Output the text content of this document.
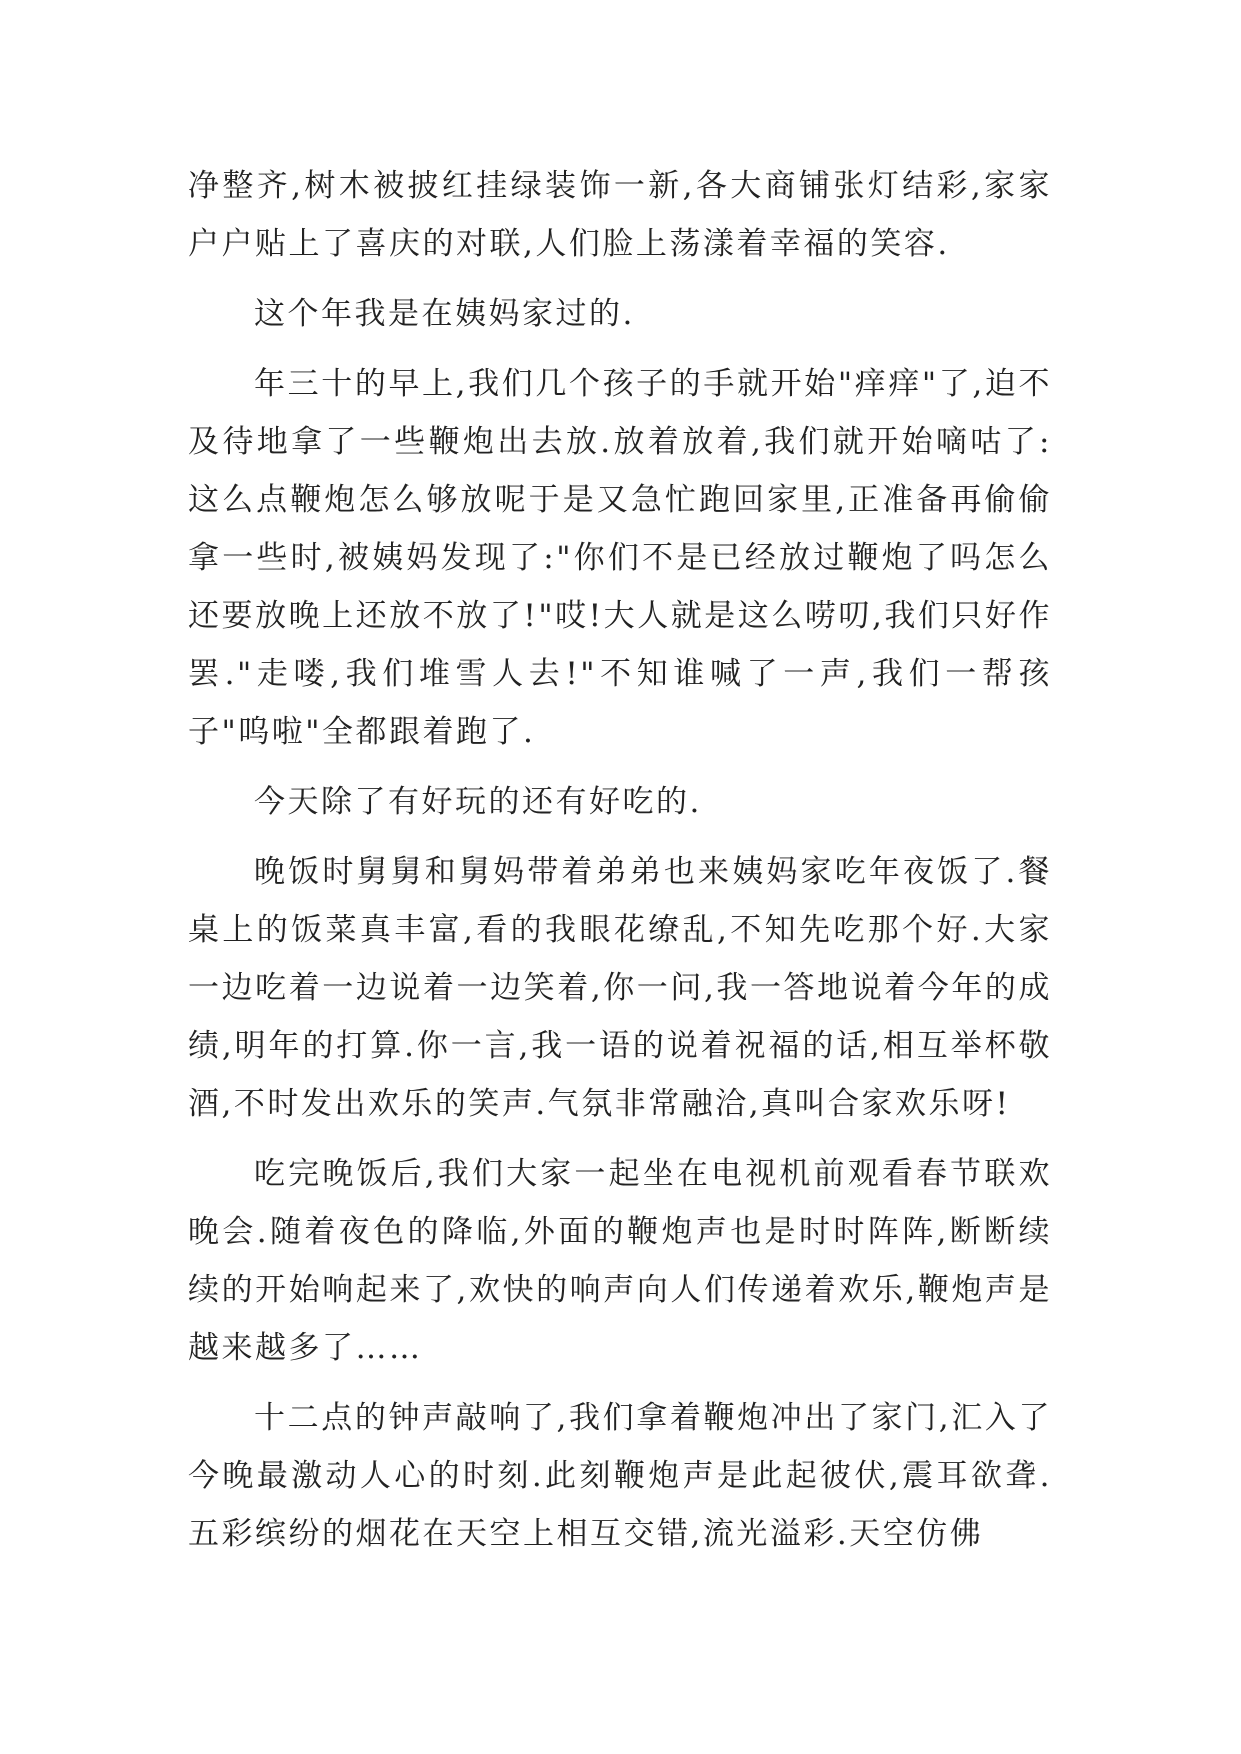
净整齐,树木被披红挂绿装饰一新,各大商铺张灯结彩,家家户户贴上了喜庆的对联,人们脸上荡漾着幸福的笑容.

这个年我是在姨妈家过的.

年三十的早上,我们几个孩子的手就开始"痒痒"了,迫不及待地拿了一些鞭炮出去放.放着放着,我们就开始嘀咕了:这么点鞭炮怎么够放呢于是又急忙跑回家里,正准备再偷偷拿一些时,被姨妈发现了:"你们不是已经放过鞭炮了吗怎么还要放晚上还放不放了!"哎!大人就是这么唠叨,我们只好作罢."走喽,我们堆雪人去!"不知谁喊了一声,我们一帮孩子"呜啦"全都跟着跑了.

今天除了有好玩的还有好吃的.

晚饭时舅舅和舅妈带着弟弟也来姨妈家吃年夜饭了.餐桌上的饭菜真丰富,看的我眼花缭乱,不知先吃那个好.大家一边吃着一边说着一边笑着,你一问,我一答地说着今年的成绩,明年的打算.你一言,我一语的说着祝福的话,相互举杯敬酒,不时发出欢乐的笑声.气氛非常融洽,真叫合家欢乐呀!

吃完晚饭后,我们大家一起坐在电视机前观看春节联欢晚会.随着夜色的降临,外面的鞭炮声也是时时阵阵,断断续续的开始响起来了,欢快的响声向人们传递着欢乐,鞭炮声是越来越多了……

十二点的钟声敲响了,我们拿着鞭炮冲出了家门,汇入了今晚最激动人心的时刻.此刻鞭炮声是此起彼伏,震耳欲聋.五彩缤纷的烟花在天空上相互交错,流光溢彩.天空仿佛
